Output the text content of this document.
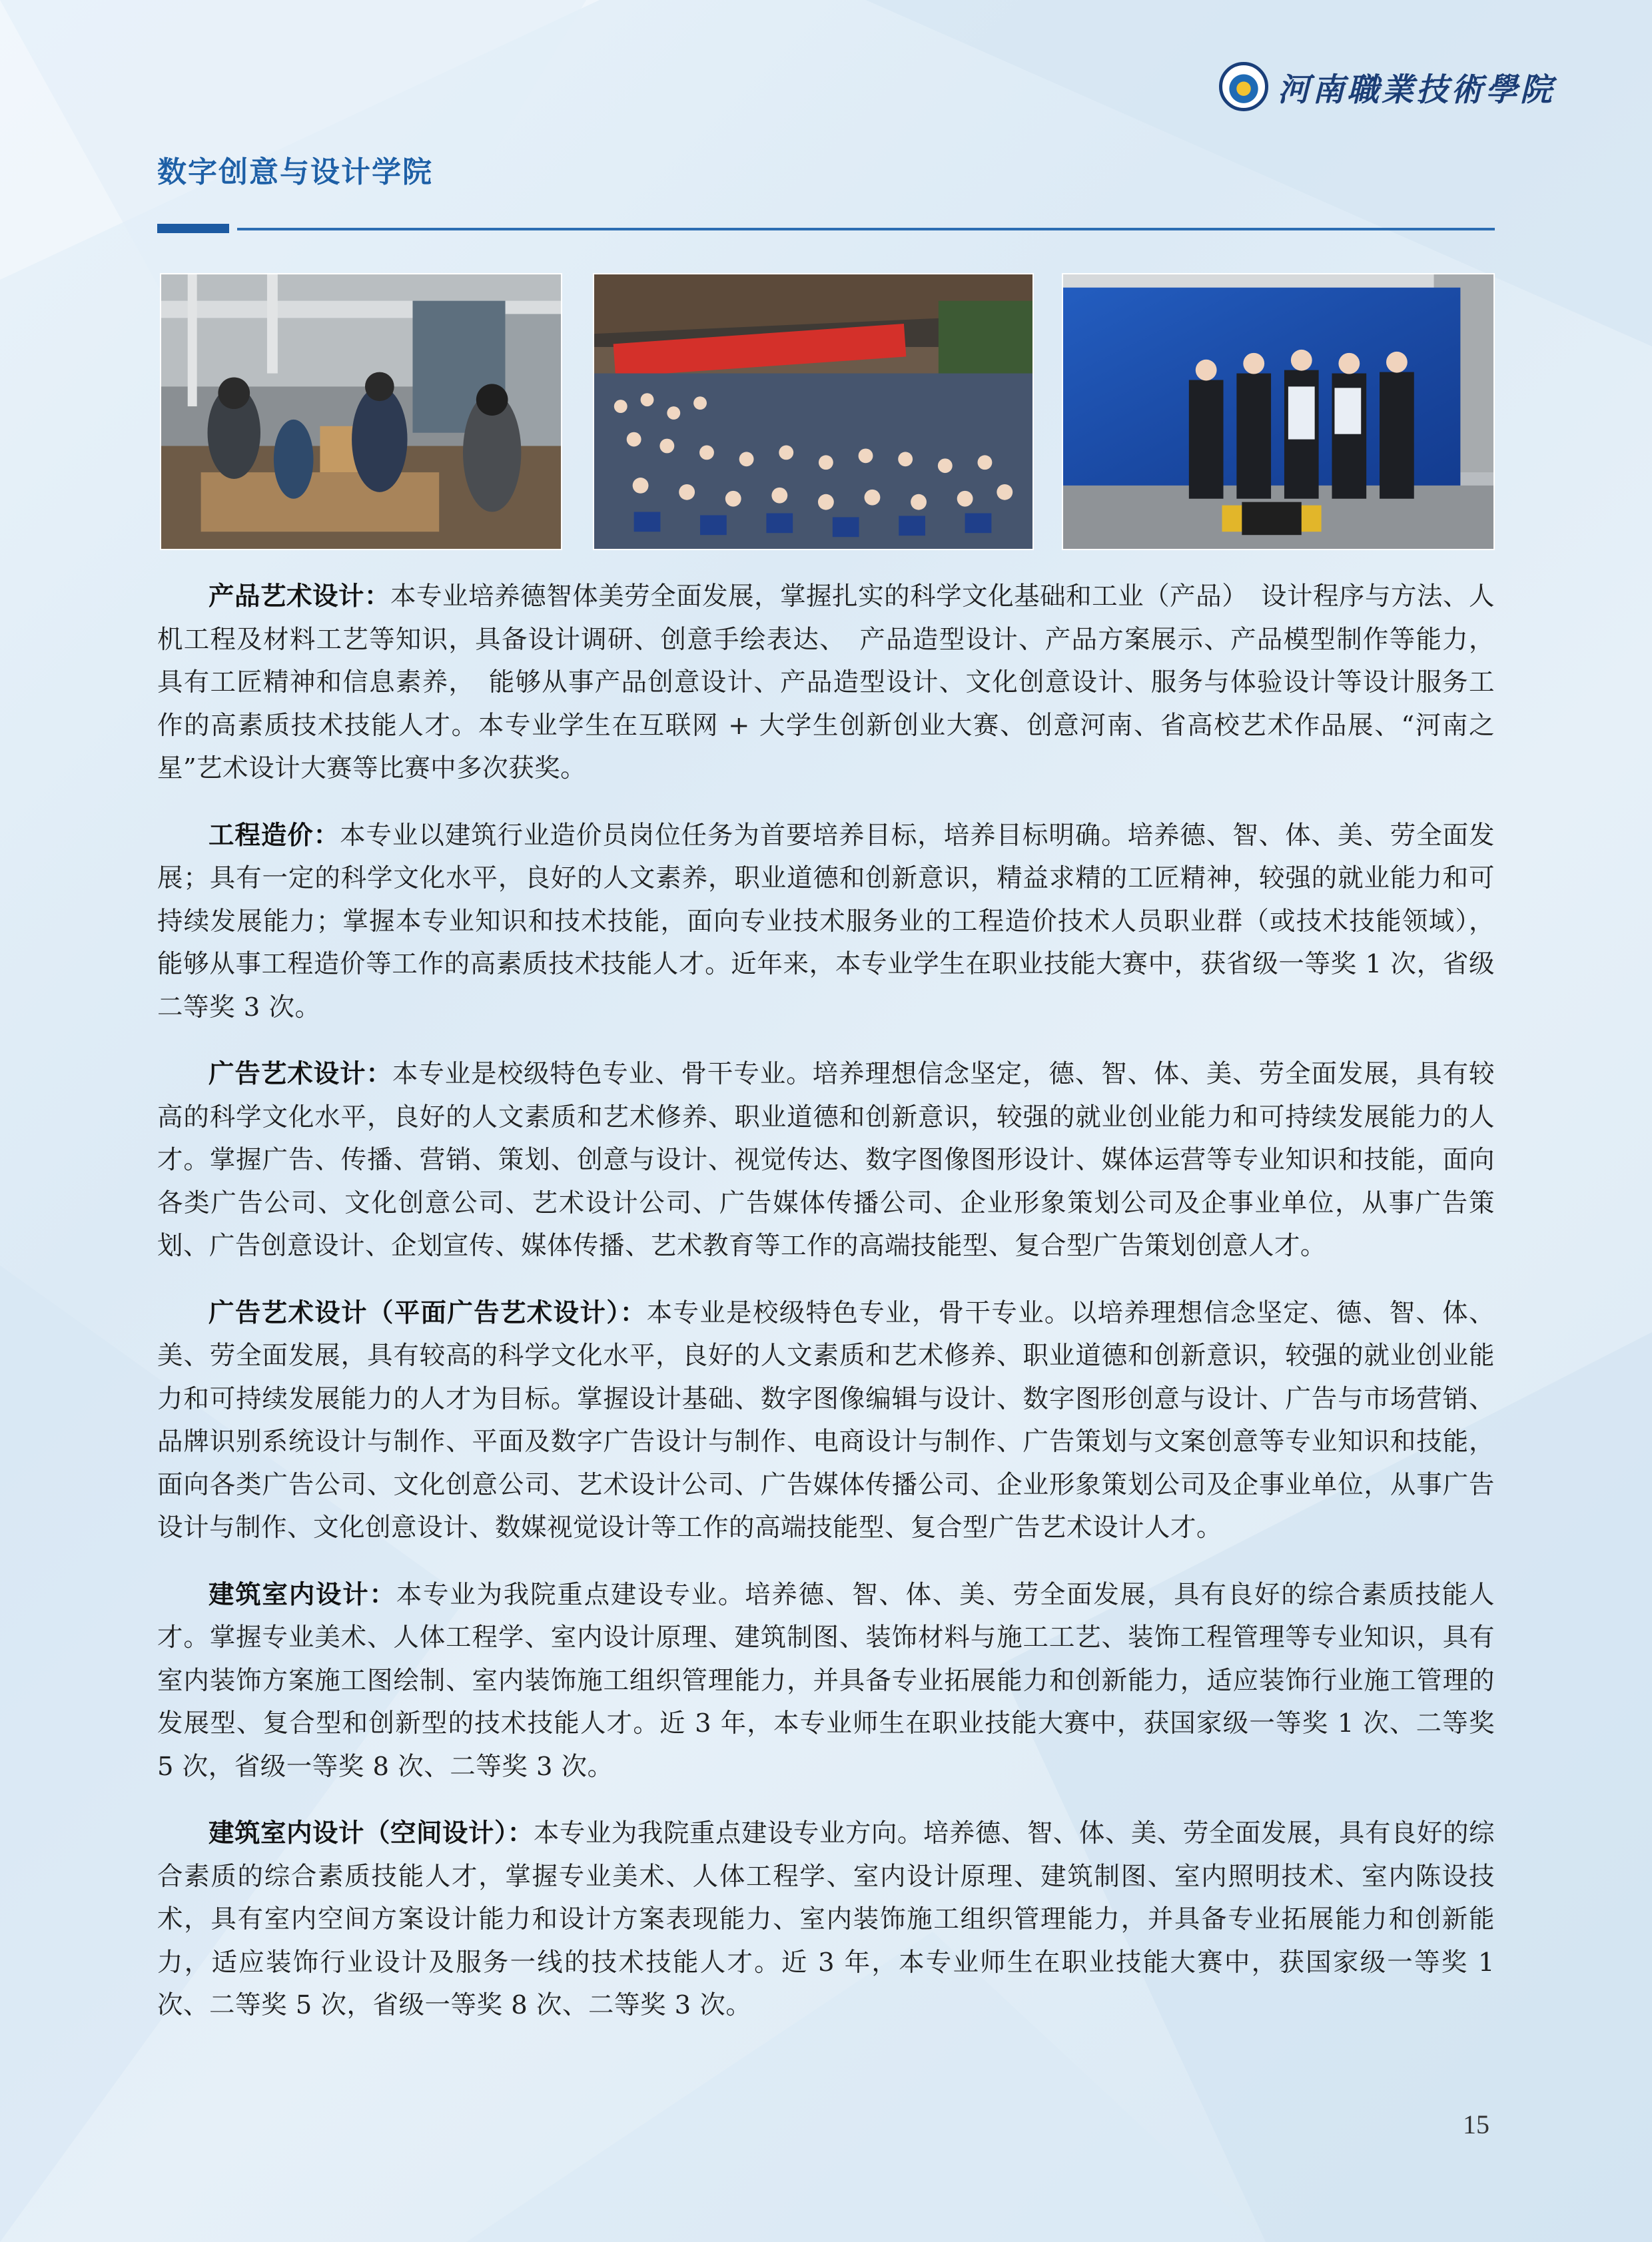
河南職業技術學院
数字创意与设计学院

产品艺术设计：本专业培养德智体美劳全面发展，掌握扎实的科学文化基础和工业（产品）　设计程序与方法、人机工程及材料工艺等知识，具备设计调研、创意手绘表达、　产品造型设计、产品方案展示、产品模型制作等能力，具有工匠精神和信息素养，　能够从事产品创意设计、产品造型设计、文化创意设计、服务与体验设计等设计服务工作的高素质技术技能人才。本专业学生在互联网 + 大学生创新创业大赛、创意河南、省高校艺术作品展、“河南之星”艺术设计大赛等比赛中多次获奖。

工程造价：本专业以建筑行业造价员岗位任务为首要培养目标，培养目标明确。培养德、智、体、美、劳全面发展；具有一定的科学文化水平，良好的人文素养，职业道德和创新意识，精益求精的工匠精神，较强的就业能力和可持续发展能力；掌握本专业知识和技术技能，面向专业技术服务业的工程造价技术人员职业群（或技术技能领域），能够从事工程造价等工作的高素质技术技能人才。近年来，本专业学生在职业技能大赛中，获省级一等奖 1 次，省级二等奖 3 次。

广告艺术设计：本专业是校级特色专业、骨干专业。培养理想信念坚定，德、智、体、美、劳全面发展，具有较高的科学文化水平，良好的人文素质和艺术修养、职业道德和创新意识，较强的就业创业能力和可持续发展能力的人才。掌握广告、传播、营销、策划、创意与设计、视觉传达、数字图像图形设计、媒体运营等专业知识和技能，面向各类广告公司、文化创意公司、艺术设计公司、广告媒体传播公司、企业形象策划公司及企事业单位，从事广告策划、广告创意设计、企划宣传、媒体传播、艺术教育等工作的高端技能型、复合型广告策划创意人才。

广告艺术设计（平面广告艺术设计）：本专业是校级特色专业，骨干专业。以培养理想信念坚定、德、智、体、美、劳全面发展，具有较高的科学文化水平，良好的人文素质和艺术修养、职业道德和创新意识，较强的就业创业能力和可持续发展能力的人才为目标。掌握设计基础、数字图像编辑与设计、数字图形创意与设计、广告与市场营销、品牌识别系统设计与制作、平面及数字广告设计与制作、电商设计与制作、广告策划与文案创意等专业知识和技能，面向各类广告公司、文化创意公司、艺术设计公司、广告媒体传播公司、企业形象策划公司及企事业单位，从事广告设计与制作、文化创意设计、数媒视觉设计等工作的高端技能型、复合型广告艺术设计人才。

建筑室内设计：本专业为我院重点建设专业。培养德、智、体、美、劳全面发展，具有良好的综合素质技能人才。掌握专业美术、人体工程学、室内设计原理、建筑制图、装饰材料与施工工艺、装饰工程管理等专业知识，具有室内装饰方案施工图绘制、室内装饰施工组织管理能力，并具备专业拓展能力和创新能力，适应装饰行业施工管理的发展型、复合型和创新型的技术技能人才。近 3 年，本专业师生在职业技能大赛中，获国家级一等奖 1 次、二等奖 5 次，省级一等奖 8 次、二等奖 3 次。

建筑室内设计（空间设计）：本专业为我院重点建设专业方向。培养德、智、体、美、劳全面发展，具有良好的综合素质的综合素质技能人才，掌握专业美术、人体工程学、室内设计原理、建筑制图、室内照明技术、室内陈设技术，具有室内空间方案设计能力和设计方案表现能力、室内装饰施工组织管理能力，并具备专业拓展能力和创新能力，适应装饰行业设计及服务一线的技术技能人才。近 3 年，本专业师生在职业技能大赛中，获国家级一等奖 1 次、二等奖 5 次，省级一等奖 8 次、二等奖 3 次。

15
